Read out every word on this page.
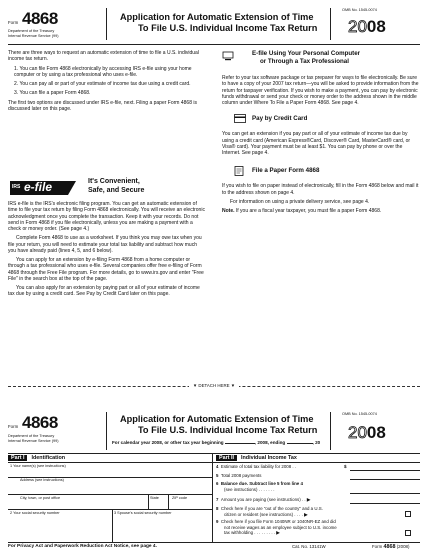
Form 4868
Department of the Treasury
Internal Revenue Service (99)
Application for Automatic Extension of Time
To File U.S. Individual Income Tax Return
OMB No. 1545-0074
2008

There are three ways to request an automatic extension of time to file a U.S. individual income tax return.

1. You can file Form 4868 electronically by accessing IRS e-file using your home computer or by using a tax professional who uses e-file.

2. You can pay all or part of your estimate of income tax due using a credit card.

3. You can file a paper Form 4868.

The first two options are discussed under IRS e-file, next. Filing a paper Form 4868 is discussed later on this page.

IRS e-file	It's Convenient,
Safe, and Secure

IRS e-file is the IRS's electronic filing program. You can get an automatic extension of time to file your tax return by filing Form 4868 electronically. You will receive an electronic acknowledgment once you complete the transaction. Keep it with your records. Do not send in Form 4868 if you file electronically, unless you are making a payment with a check or money order. (See page 4.)

Complete Form 4868 to use as a worksheet. If you think you may owe tax when you file your return, you will need to estimate your total tax liability and subtract how much you have already paid (lines 4, 5, and 6 below).

You can apply for an extension by e-filing Form 4868 from a home computer or through a tax professional who uses e-file. Several companies offer free e-filing of Form 4868 through the Free File program. For more details, go to www.irs.gov and enter "Free File" in the search box at the top of the page.

You can also apply for an extension by paying part or all of your estimate of income tax due by using a credit card. See Pay by Credit Card later on this page.

E-file Using Your Personal Computer
or Through a Tax Professional

Refer to your tax software package or tax preparer for ways to file electronically. Be sure to have a copy of your 2007 tax return—you will be asked to provide information from the return for taxpayer verification. If you wish to make a payment, you can pay by electronic funds withdrawal or send your check or money order to the address shown in the middle column under Where To File a Paper Form 4868. See page 4.

Pay by Credit Card

You can get an extension if you pay part or all of your estimate of income tax due by using a credit card (American Express®Card, Discover® Card, MasterCard® card, or Visa® card). Your payment must be at least $1. You can pay by phone or over the Internet. See page 4.

File a Paper Form 4868

If you wish to file on paper instead of electronically, fill in the Form 4868 below and mail it to the address shown on page 4.

For information on using a private delivery service, see page 4.

Note. If you are a fiscal year taxpayer, you must file a paper Form 4868.

▼ DETACH HERE ▼
Form 4868
Department of the Treasury
Internal Revenue Service (99)
Application for Automatic Extension of Time
To File U.S. Individual Income Tax Return
For calendar year 2008, or other tax year beginning	, 2008, ending	, 20
OMB No. 1545-0074
2008
Part I Identification	Part II Individual Income Tax
1 Your name(s) (see instructions)
Address (see instructions)
City, town, or post office	State	ZIP code
2 Your social security number	3 Spouse's social security number
4 Estimate of total tax liability for 2008 . .	$
5 Total 2008 payments
6 Balance due. Subtract line 5 from line 4
(see instructions) . . . . . . .
7 Amount you are paying (see instructions) . . ▶
8 Check here if you are "out of the country" and a U.S.
citizen or resident (see instructions) . . . . ▶
9 Check here if you file Form 1040NR or 1040NR-EZ and did
not receive wages as an employee subject to U.S. income
tax withholding . . . . . . . . . ▶
For Privacy Act and Paperwork Reduction Act Notice, see page 4.	Cat. No. 13141W	Form 4868 (2008)
